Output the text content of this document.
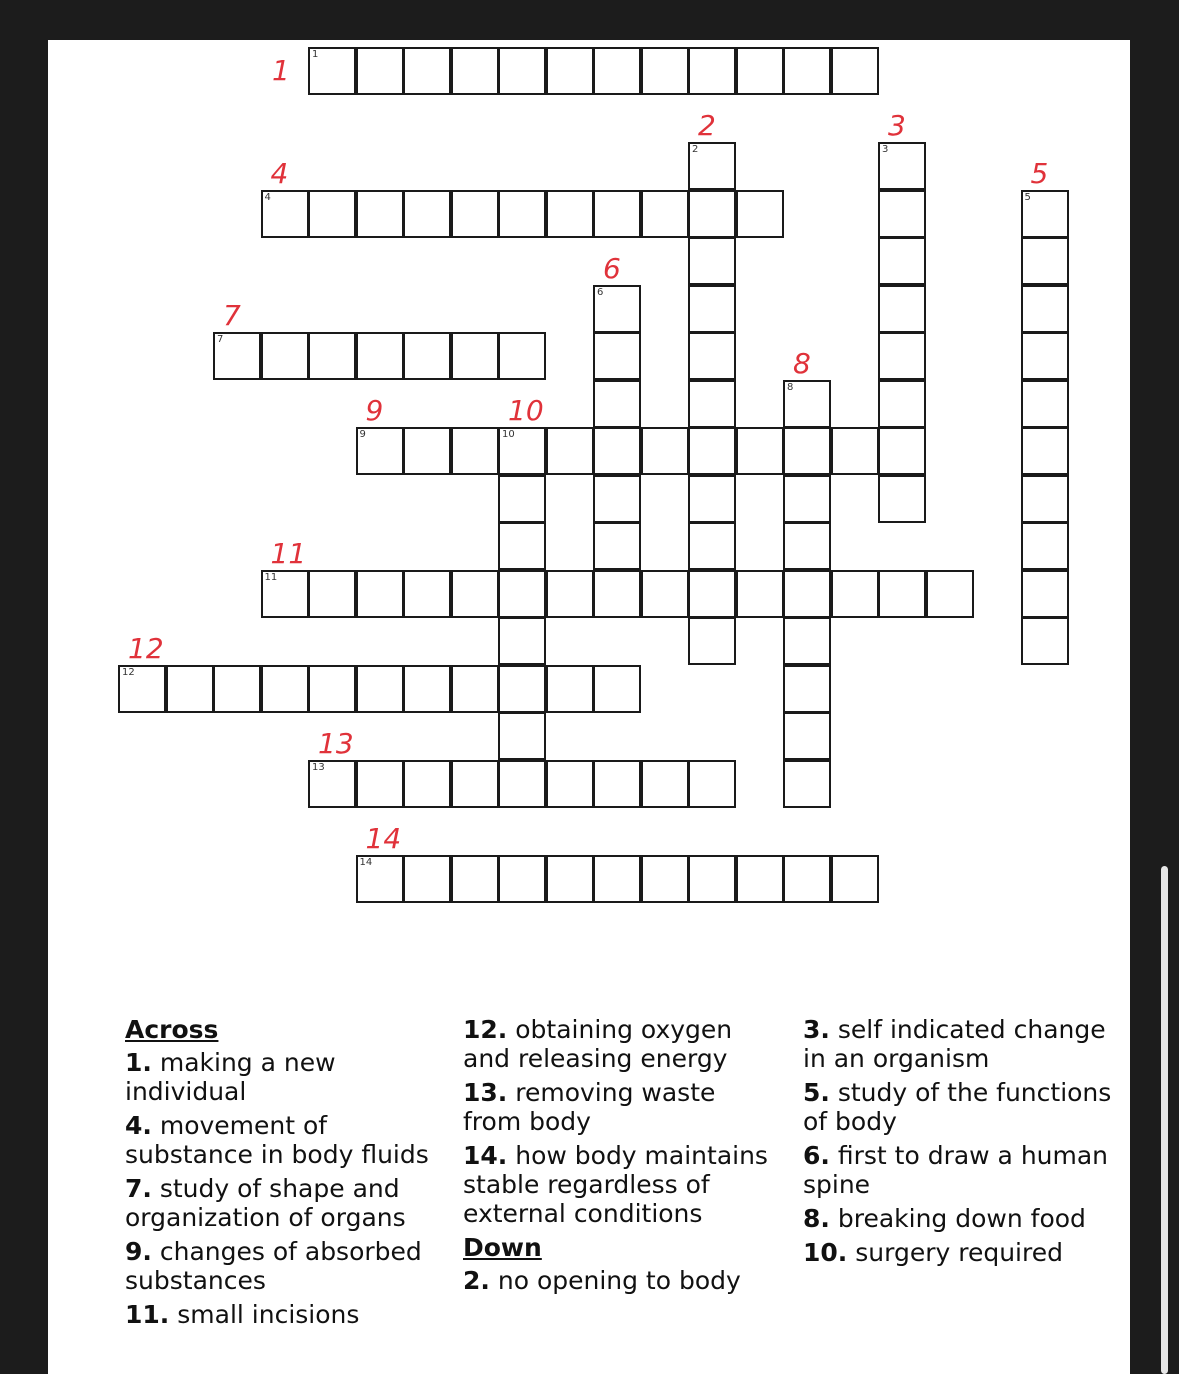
1
1
2
2
3
3
4
4
5
5
6
6
7
7
8
8
9
9
10
10
11
11
12
12
13
13
14
14
Across
1. making a new individual
4. movement of substance in body fluids
7. study of shape and organization of organs
9. changes of absorbed substances
11. small incisions
12. obtaining oxygen and releasing energy
13. removing waste from body
14. how body maintains stable regardless of external conditions
Down
2. no opening to body
3. self indicated change in an organism
5. study of the functions of body
6. first to draw a human spine
8. breaking down food
10. surgery required
